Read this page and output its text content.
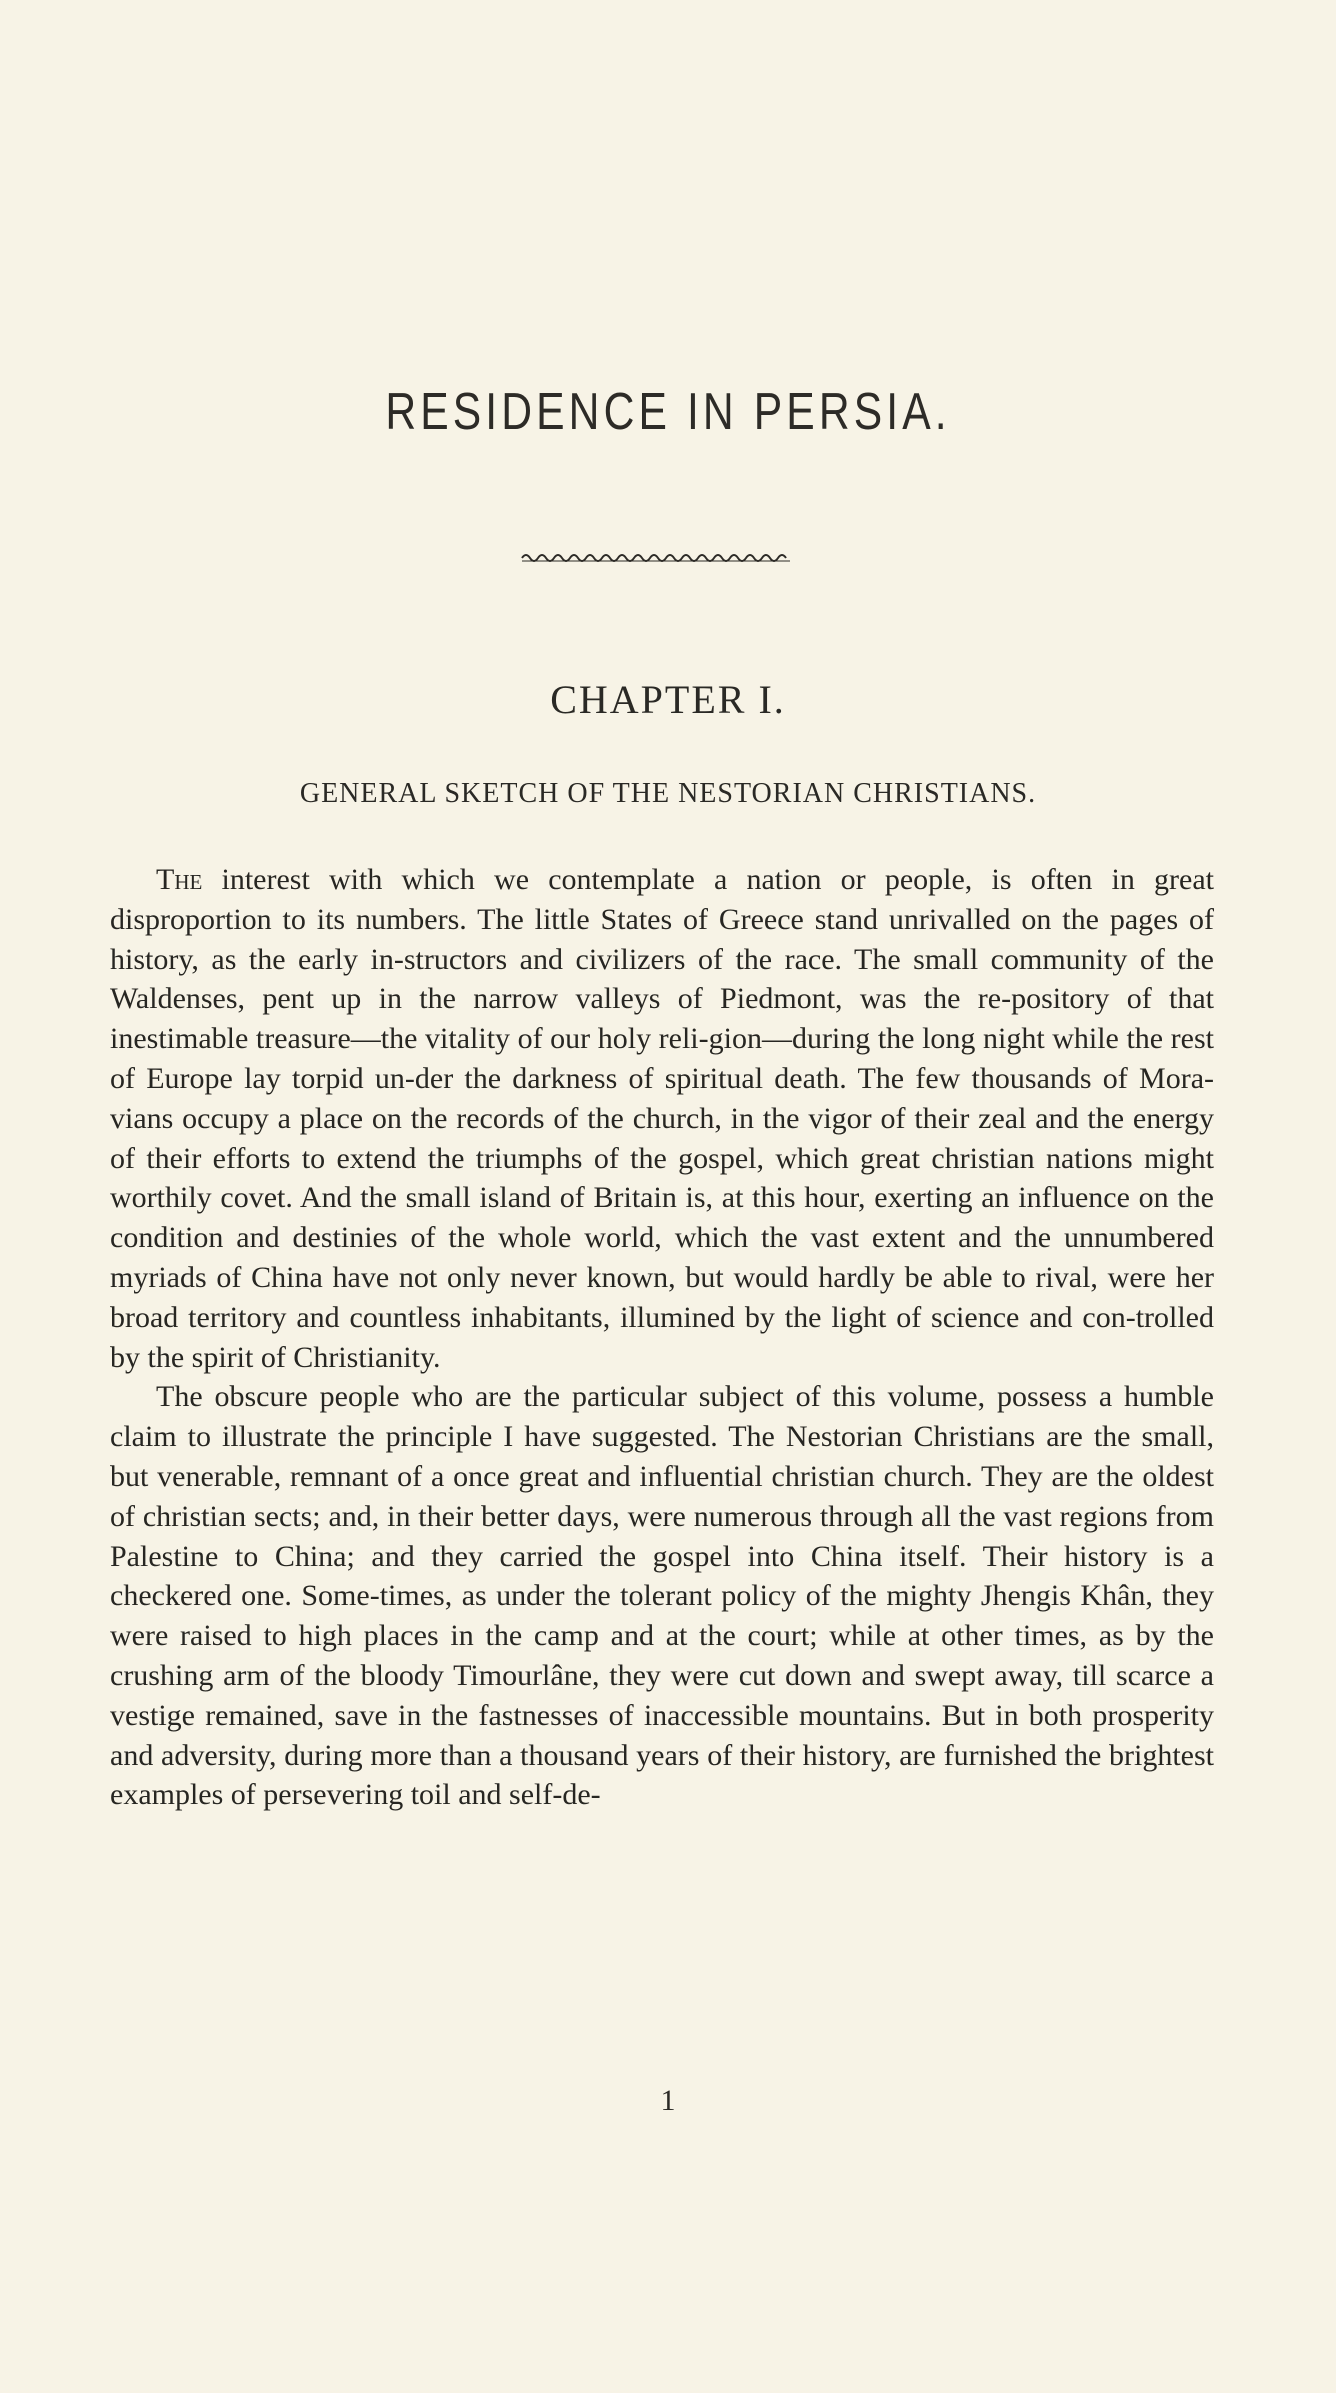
RESIDENCE IN PERSIA.
CHAPTER I.
GENERAL SKETCH OF THE NESTORIAN CHRISTIANS.

The interest with which we contemplate a nation or people, is often in great disproportion to its numbers. The little States of Greece stand unrivalled on the pages of history, as the early in-structors and civilizers of the race. The small community of the Waldenses, pent up in the narrow valleys of Piedmont, was the re-pository of that inestimable treasure—the vitality of our holy reli-gion—during the long night while the rest of Europe lay torpid un-der the darkness of spiritual death. The few thousands of Mora-vians occupy a place on the records of the church, in the vigor of their zeal and the energy of their efforts to extend the triumphs of the gospel, which great christian nations might worthily covet. And the small island of Britain is, at this hour, exerting an influence on the condition and destinies of the whole world, which the vast extent and the unnumbered myriads of China have not only never known, but would hardly be able to rival, were her broad territory and countless inhabitants, illumined by the light of science and con-trolled by the spirit of Christianity.

The obscure people who are the particular subject of this volume, possess a humble claim to illustrate the principle I have suggested. The Nestorian Christians are the small, but venerable, remnant of a once great and influential christian church. They are the oldest of christian sects; and, in their better days, were numerous through all the vast regions from Palestine to China; and they carried the gospel into China itself. Their history is a checkered one. Some-times, as under the tolerant policy of the mighty Jhengis Khân, they were raised to high places in the camp and at the court; while at other times, as by the crushing arm of the bloody Timourlâne, they were cut down and swept away, till scarce a vestige remained, save in the fastnesses of inaccessible mountains. But in both prosperity and adversity, during more than a thousand years of their history, are furnished the brightest examples of persevering toil and self-de-

1
